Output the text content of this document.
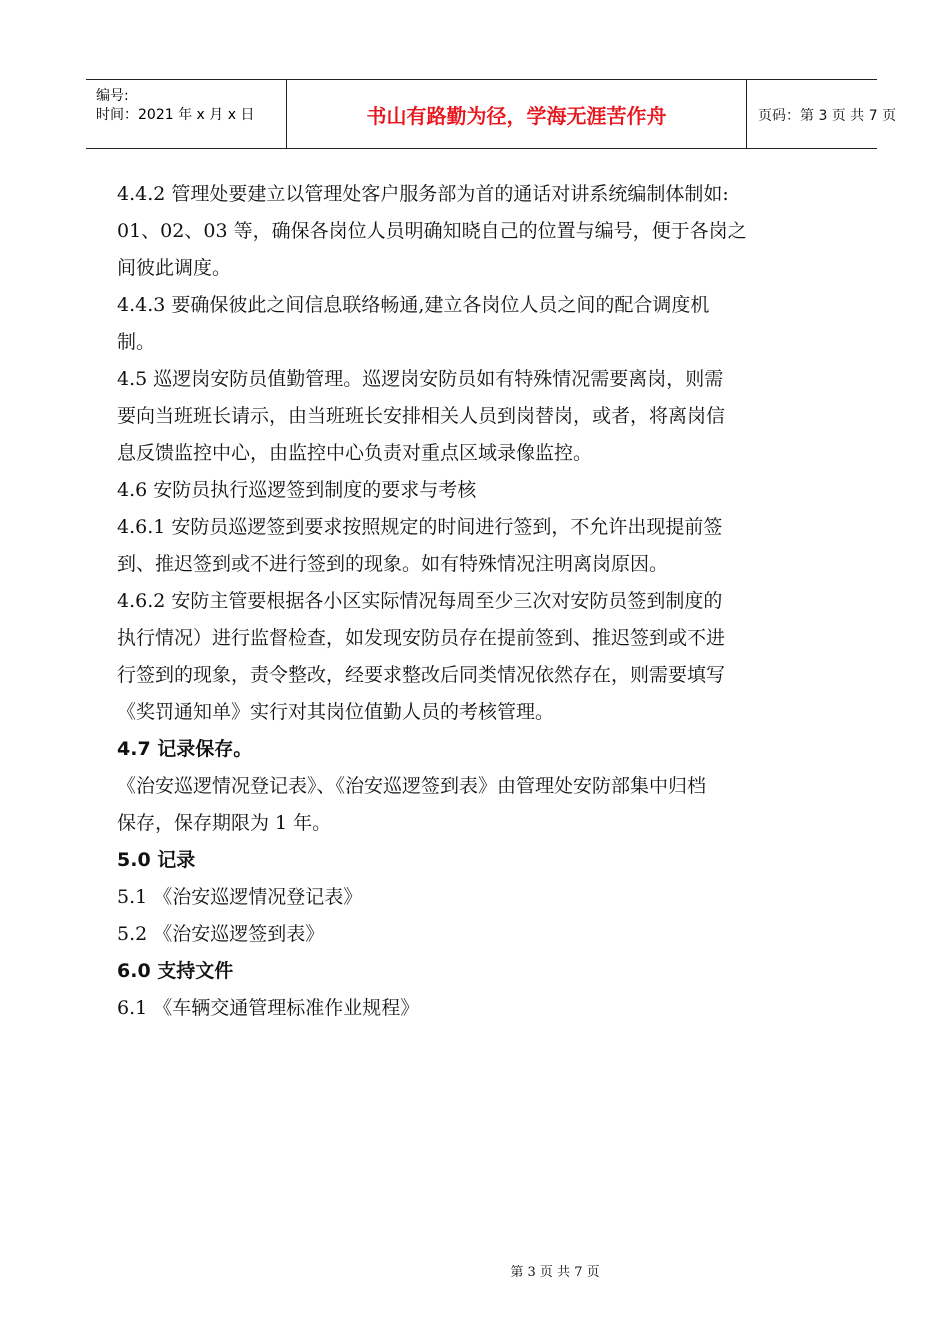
编号:
时间：2021 年 x 月 x 日	书山有路勤为径，学海无涯苦作舟	页码：第 3 页 共 7 页

4.4.2 管理处要建立以管理处客户服务部为首的通话对讲系统编制体制如:

01、02、03 等，确保各岗位人员明确知晓自己的位置与编号，便于各岗之

间彼此调度。

4.4.3 要确保彼此之间信息联络畅通,建立各岗位人员之间的配合调度机

制。

4.5 巡逻岗安防员值勤管理。巡逻岗安防员如有特殊情况需要离岗，则需

要向当班班长请示，由当班班长安排相关人员到岗替岗，或者，将离岗信

息反馈监控中心，由监控中心负责对重点区域录像监控。

4.6 安防员执行巡逻签到制度的要求与考核

4.6.1 安防员巡逻签到要求按照规定的时间进行签到，不允许出现提前签

到、推迟签到或不进行签到的现象。如有特殊情况注明离岗原因。

4.6.2 安防主管要根据各小区实际情况每周至少三次对安防员签到制度的

执行情况）进行监督检查，如发现安防员存在提前签到、推迟签到或不进

行签到的现象，责令整改，经要求整改后同类情况依然存在，则需要填写

《奖罚通知单》实行对其岗位值勤人员的考核管理。

4.7 记录保存。

《治安巡逻情况登记表》、《治安巡逻签到表》由管理处安防部集中归档

保存，保存期限为 1 年。

5.0 记录

5.1 《治安巡逻情况登记表》

5.2 《治安巡逻签到表》

6.0 支持文件

6.1 《车辆交通管理标准作业规程》

第 3 页 共 7 页
